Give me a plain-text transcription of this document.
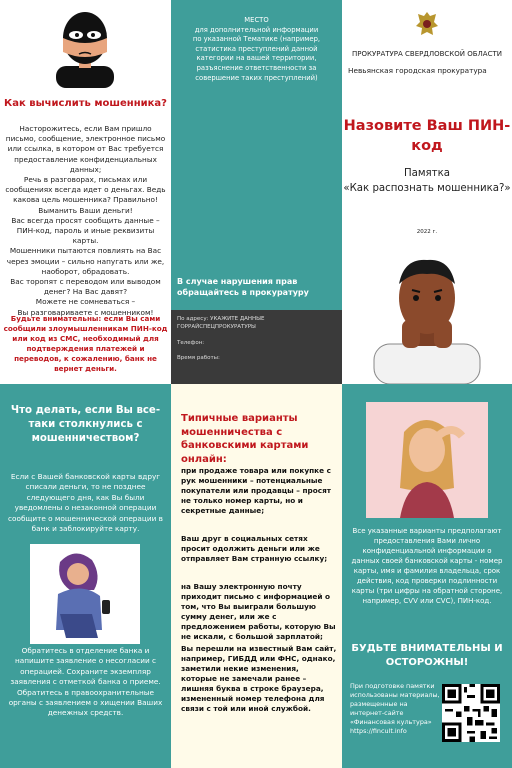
Как вычислить мошенника?
Насторожитесь, если Вам пришло письмо, сообщение, электронное письмо или ссылка, в котором от Вас требуется предоставление конфиденциальных данных;
Речь в разговорах, письмах или сообщениях всегда идет о деньгах. Ведь какова цель мошенника? Правильно! Выманить Ваши деньги!
Вас всегда просят сообщить данные – ПИН-код, пароль и иные реквизиты карты.
Мошенники пытаются повлиять на Вас через эмоции – сильно напугать или же, наоборот, обрадовать.
Вас торопят с переводом или выводом денег? На Вас давят?
Можете не сомневаться –
Вы разговариваете с мошенником!
Будьте внимательны: если Вы сами сообщили злоумышленникам ПИН-код или код из СМС, необходимый для подтверждения платежей и переводов, к сожалению, банк не вернет деньги.
МЕСТО
для дополнительной информации
по указанной Тематике (например, статистика преступлений данной категории на вашей территории, разъяснение ответственности за совершение таких преступлений)
В случае нарушения прав обращайтесь в прокуратуру
По адресу: УКАЖИТЕ ДАННЫЕ ГОРРАЙСПЕЦПРОКУРАТУРЫ
Телефон:
Время работы:
ПРОКУРАТУРА СВЕРДЛОВСКОЙ ОБЛАСТИ
Невьянская городская прокуратура
Назовите Ваш ПИН-код
Памятка
«Как распознать мошенника?»
2022 г.
Что делать, если Вы все-таки столкнулись с мошенничеством?
Если с Вашей банковской карты вдруг списали деньги, то не позднее следующего дня, как Вы были уведомлены о незаконной операции сообщите о мошеннической операции в банк и заблокируйте карту.
Обратитесь в отделение банка и напишите заявление о несогласии с операцией. Сохраните экземпляр заявления с отметкой банка о приеме.
Обратитесь в правоохранительные органы с заявлением о хищении Ваших денежных средств.
Типичные варианты мошенничества с банковскими картами онлайн:
при продаже товара или покупке с рук мошенники – потенциальные покупатели или продавцы – просят не только номер карты, но и секретные данные;
Ваш друг в социальных сетях просит одолжить деньги или же отправляет Вам странную ссылку;
на Вашу электронную почту приходит письмо с информацией о том, что Вы выиграли большую сумму денег, или же с предложением работы, которую Вы не искали, с большой зарплатой;
Вы перешли на известный Вам сайт, например, ГИБДД или ФНС, однако, заметили некие изменения, которые не замечали ранее – лишняя буква в строке браузера, измененный номер телефона для связи с той или иной службой.
Все указанные варианты предполагают предоставления Вами лично конфиденциальной информации о данных своей банковской карты - номер карты, имя и фамилия владельца, срок действия, код проверки подлинности карты (три цифры на обратной стороне, например, CVV или CVC), ПИН-код.
БУДЬТЕ ВНИМАТЕЛЬНЫ И ОСТОРОЖНЫ!
При подготовке памятки использованы материалы, размещенные на интернет-сайте «Финансовая культура» https://fincult.info
